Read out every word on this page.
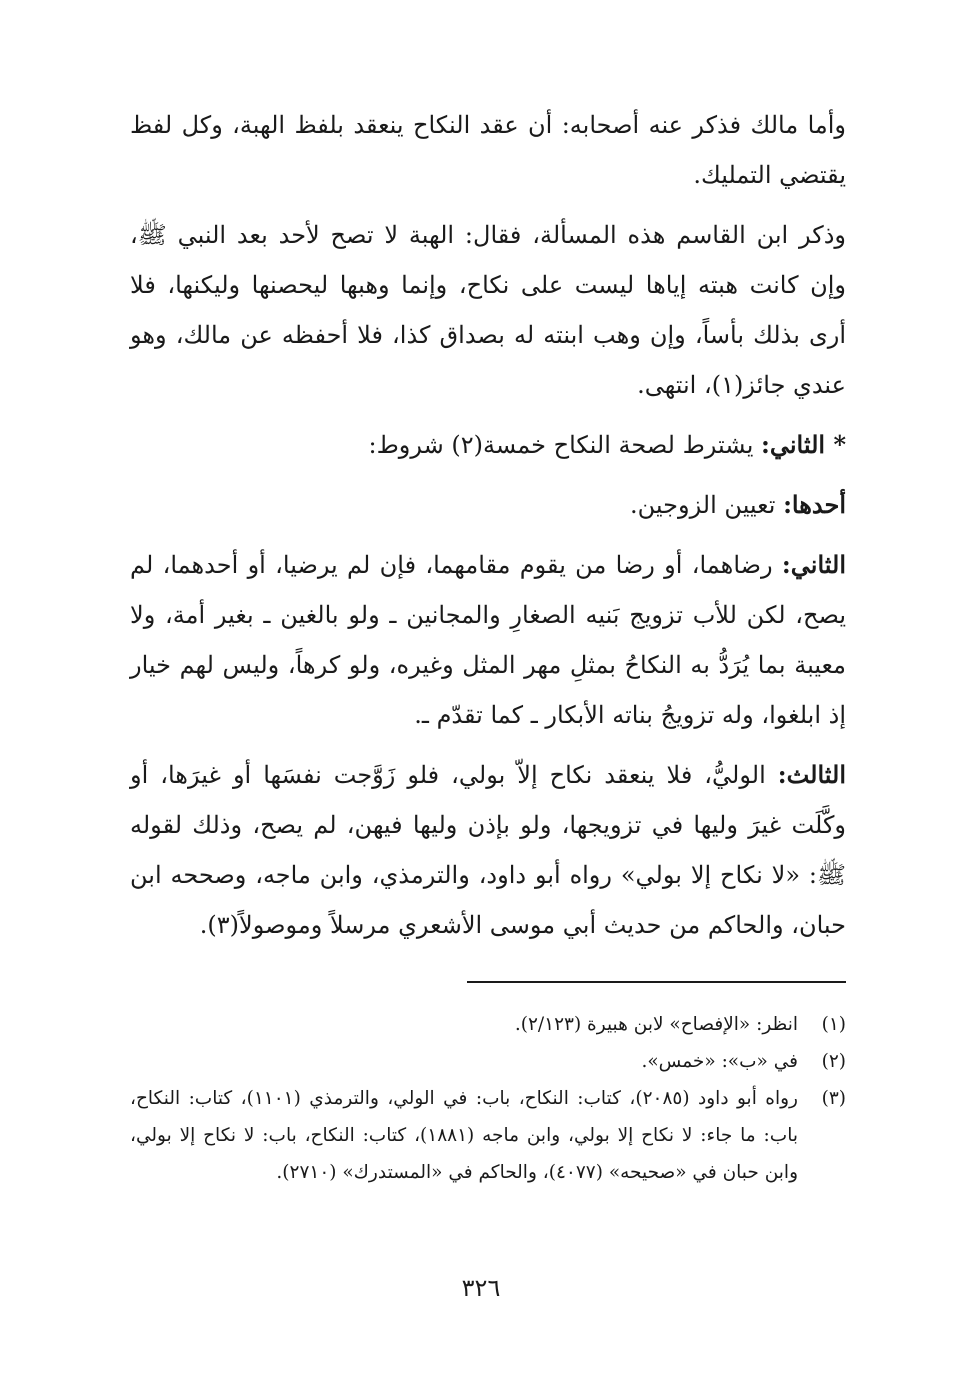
وأما مالك فذكر عنه أصحابه: أن عقد النكاح ينعقد بلفظ الهبة، وكل لفظ يقتضي التمليك.

وذكر ابن القاسم هذه المسألة، فقال: الهبة لا تصح لأحد بعد النبي ﷺ، وإن كانت هبته إياها ليست على نكاح، وإنما وهبها ليحصنها وليكنها، فلا أرى بذلك بأساً، وإن وهب ابنته له بصداق كذا، فلا أحفظه عن مالك، وهو عندي جائز(١)، انتهى.

* الثاني: يشترط لصحة النكاح خمسة(٢) شروط:

أحدها: تعيين الزوجين.

الثاني: رضاهما، أو رضا من يقوم مقامهما، فإن لم يرضيا، أو أحدهما، لم يصح، لكن للأب تزويج بَنيه الصغارِ والمجانين ـ ولو بالغين ـ بغير أمة، ولا معيبة بما يُرَدُّ به النكاحُ بمثلِ مهر المثل وغيره، ولو كرهاً، وليس لهم خيار إذ ابلغوا، وله تزويجُ بناته الأبكار ـ كما تقدّم ـ.

الثالث: الوليُّ، فلا ينعقد نكاح إلاّ بولي، فلو زَوَّجت نفسَها أو غيرَها، أو وكَّلَت غيرَ وليها في تزويجها، ولو بإذن وليها فيهن، لم يصح، وذلك لقوله ﷺ: «لا نكاح إلا بولي» رواه أبو داود، والترمذي، وابن ماجه، وصححه ابن حبان، والحاكم من حديث أبي موسى الأشعري مرسلاً وموصولاً(٣).

(١)
انظر: «الإفصاح» لابن هبيرة (٢/١٢٣).
(٢)
في «ب»: «خمس».
(٣)
رواه أبو داود (٢٠٨٥)، كتاب: النكاح، باب: في الولي، والترمذي (١١٠١)، كتاب: النكاح، باب: ما جاء: لا نكاح إلا بولي، وابن ماجه (١٨٨١)، كتاب: النكاح، باب: لا نكاح إلا بولي، وابن حبان في «صحيحه» (٤٠٧٧)، والحاكم في «المستدرك» (٢٧١٠).
٣٢٦
